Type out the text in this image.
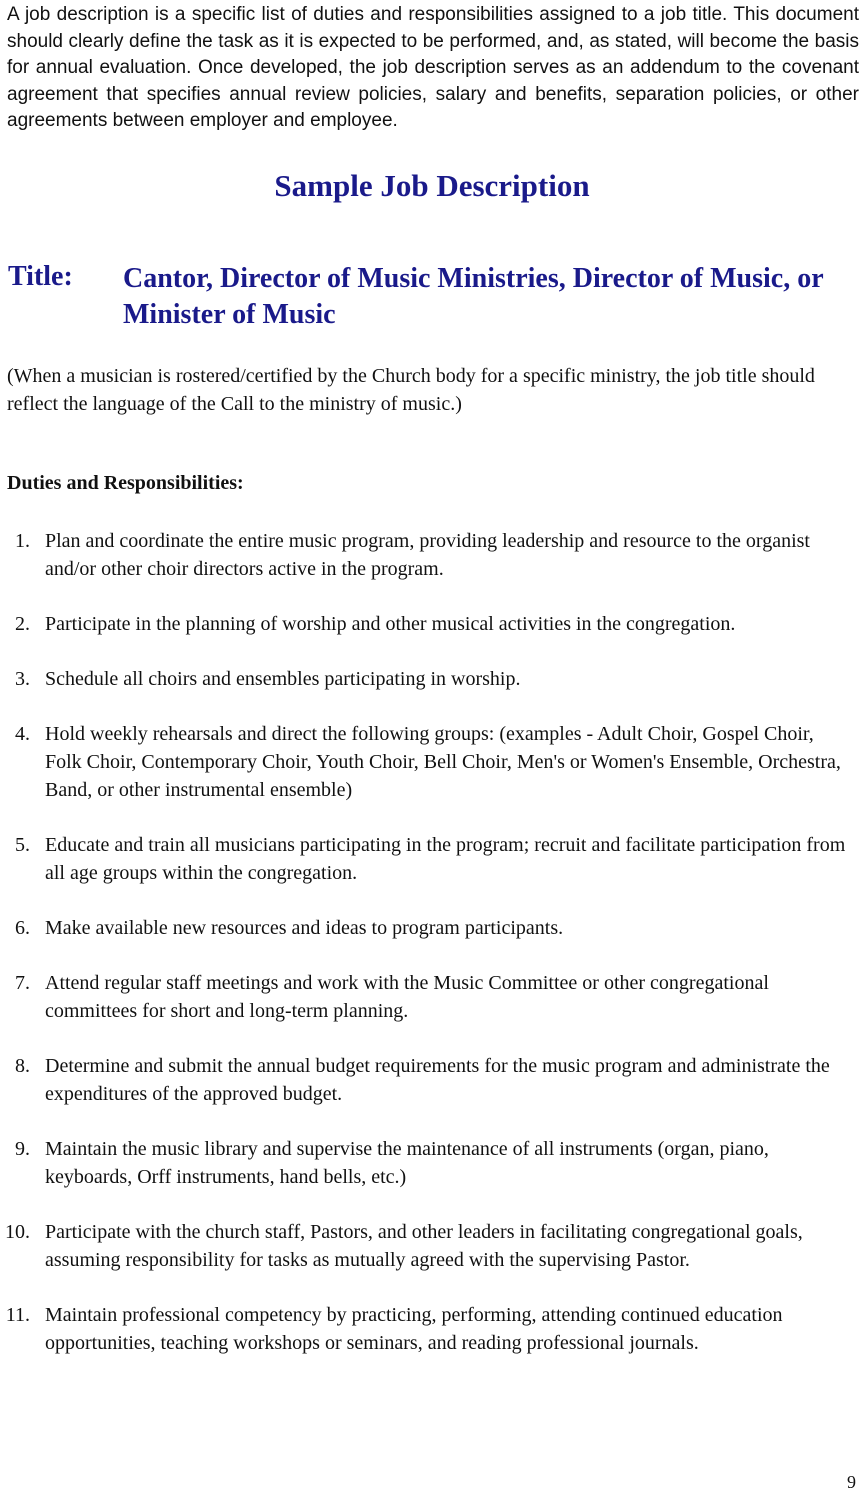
A job description is a specific list of duties and responsibilities assigned to a job title. This document should clearly define the task as it is expected to be performed, and, as stated, will become the basis for annual evaluation. Once developed, the job description serves as an addendum to the covenant agreement that specifies annual review policies, salary and benefits, separation policies, or other agreements between employer and employee.

Sample Job Description
Title: Cantor, Director of Music Ministries, Director of Music, or Minister of Music

(When a musician is rostered/certified by the Church body for a specific ministry, the job title should reflect the language of the Call to the ministry of music.)

Duties and Responsibilities:
1. Plan and coordinate the entire music program, providing leadership and resource to the organist and/or other choir directors active in the program.
2. Participate in the planning of worship and other musical activities in the congregation.
3. Schedule all choirs and ensembles participating in worship.
4. Hold weekly rehearsals and direct the following groups: (examples - Adult Choir, Gospel Choir, Folk Choir, Contemporary Choir, Youth Choir, Bell Choir, Men's or Women's Ensemble, Orchestra, Band, or other instrumental ensemble)
5. Educate and train all musicians participating in the program; recruit and facilitate participation from all age groups within the congregation.
6. Make available new resources and ideas to program participants.
7. Attend regular staff meetings and work with the Music Committee or other congregational committees for short and long-term planning.
8. Determine and submit the annual budget requirements for the music program and administrate the expenditures of the approved budget.
9. Maintain the music library and supervise the maintenance of all instruments (organ, piano, keyboards, Orff instruments, hand bells, etc.)
10. Participate with the church staff, Pastors, and other leaders in facilitating congregational goals, assuming responsibility for tasks as mutually agreed with the supervising Pastor.
11. Maintain professional competency by practicing, performing, attending continued education opportunities, teaching workshops or seminars, and reading professional journals.
9
